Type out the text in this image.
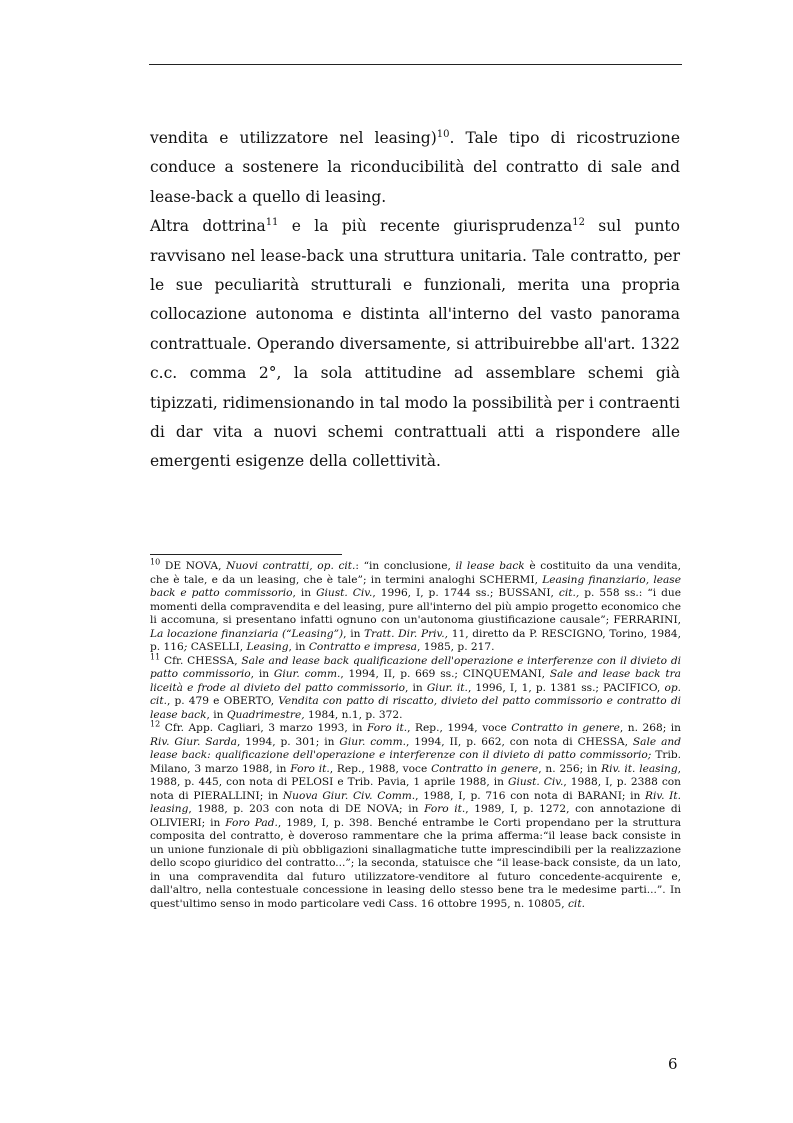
vendita e utilizzatore nel leasing)$^{10}$. Tale tipo di ricostruzione conduce a sostenere la riconducibilità del contratto di sale and lease-back a quello di leasing.

Altra dottrina$^{11}$ e la più recente giurisprudenza$^{12}$ sul punto ravvisano nel lease-back una struttura unitaria. Tale contratto, per le sue peculiarità strutturali e funzionali, merita una propria collocazione autonoma e distinta all'interno del vasto panorama contrattuale. Operando diversamente, si attribuirebbe all'art. 1322 c.c. comma 2°, la sola attitudine ad assemblare schemi già tipizzati, ridimensionando in tal modo la possibilità per i contraenti di dar vita a nuovi schemi contrattuali atti a rispondere alle emergenti esigenze della collettività.

$^{10}$ DE NOVA, Nuovi contratti, op. cit.: “in conclusione, il lease back è costituito da una vendita, che è tale, e da un leasing, che è tale”; in termini analoghi SCHERMI, Leasing finanziario, lease back e patto commissorio, in Giust. Civ., 1996, I, p. 1744 ss.; BUSSANI, cit., p. 558 ss.: “i due momenti della compravendita e del leasing, pure all'interno del più ampio progetto economico che li accomuna, si presentano infatti ognuno con un'autonoma giustificazione causale”; FERRARINI, La locazione finanziaria (“Leasing”), in Tratt. Dir. Priv., 11, diretto da P. RESCIGNO, Torino, 1984, p. 116; CASELLI, Leasing, in Contratto e impresa, 1985, p. 217.

$^{11}$ Cfr. CHESSA, Sale and lease back qualificazione dell'operazione e interferenze con il divieto di patto commissorio, in Giur. comm., 1994, II, p. 669 ss.; CINQUEMANI, Sale and lease back tra liceità e frode al divieto del patto commissorio, in Giur. it., 1996, I, 1, p. 1381 ss.; PACIFICO, op. cit., p. 479 e OBERTO, Vendita con patto di riscatto, divieto del patto commissorio e contratto di lease back, in Quadrimestre, 1984, n.1, p. 372.

$^{12}$ Cfr. App. Cagliari, 3 marzo 1993, in Foro it., Rep., 1994, voce Contratto in genere, n. 268; in Riv. Giur. Sarda, 1994, p. 301; in Giur. comm., 1994, II, p. 662, con nota di CHESSA, Sale and lease back: qualificazione dell'operazione e interferenze con il divieto di patto commissorio; Trib. Milano, 3 marzo 1988, in Foro it., Rep., 1988, voce Contratto in genere, n. 256; in Riv. it. leasing, 1988, p. 445, con nota di PELOSI e Trib. Pavia, 1 aprile 1988, in Giust. Civ., 1988, I, p. 2388 con nota di PIERALLINI; in Nuova Giur. Civ. Comm., 1988, I, p. 716 con nota di BARANI; in Riv. It. leasing, 1988, p. 203 con nota di DE NOVA; in Foro it., 1989, I, p. 1272, con annotazione di OLIVIERI; in Foro Pad., 1989, I, p. 398. Benché entrambe le Corti propendano per la struttura composita del contratto, è doveroso rammentare che la prima afferma:“il lease back consiste in un unione funzionale di più obbligazioni sinallagmatiche tutte imprescindibili per la realizzazione dello scopo giuridico del contratto...”; la seconda, statuisce che “il lease-back consiste, da un lato, in una compravendita dal futuro utilizzatore-venditore al futuro concedente-acquirente e, dall'altro, nella contestuale concessione in leasing dello stesso bene tra le medesime parti...”. In quest'ultimo senso in modo particolare vedi Cass. 16 ottobre 1995, n. 10805, cit.

6
